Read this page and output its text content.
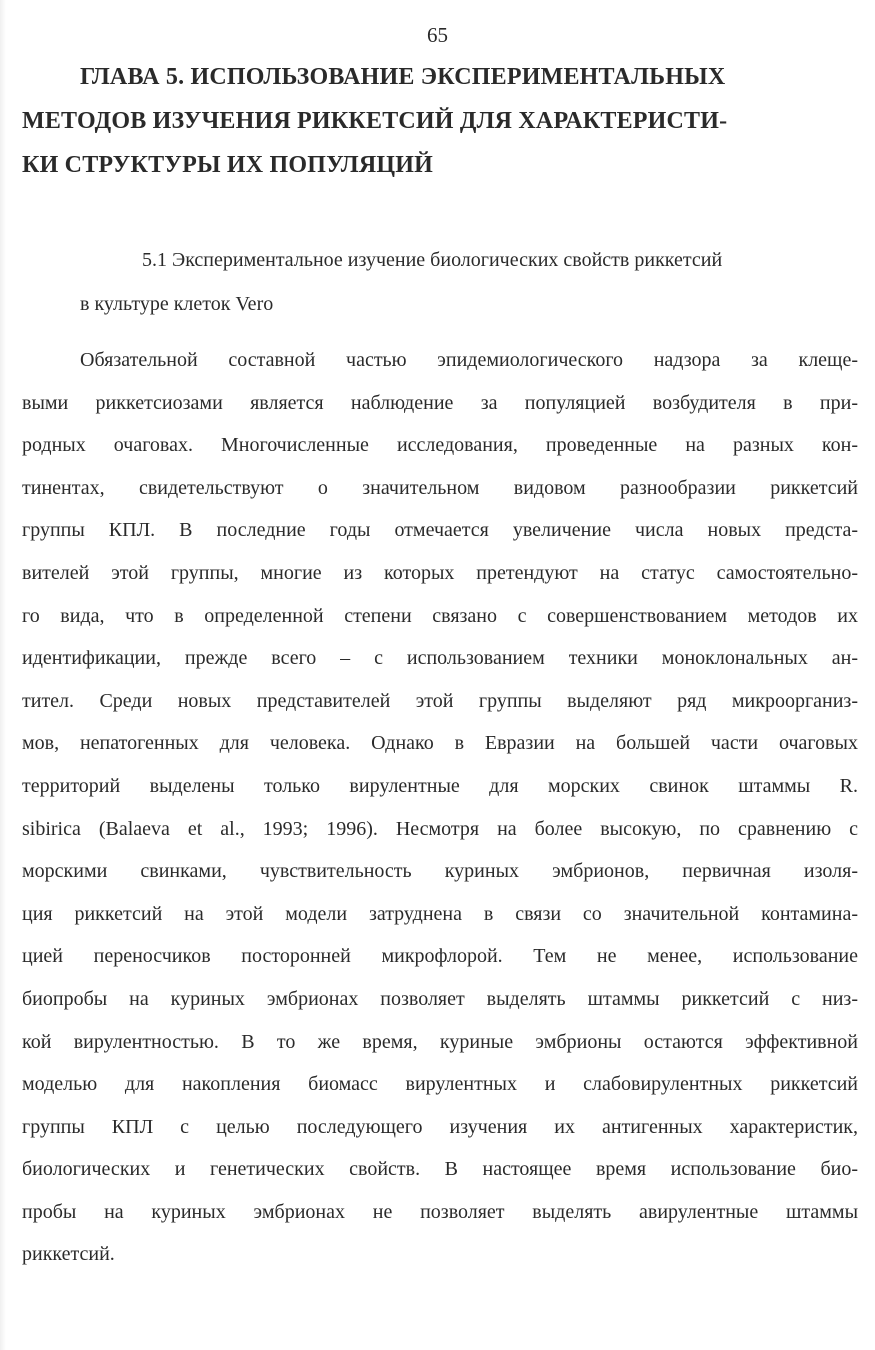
65
ГЛАВА 5. ИСПОЛЬЗОВАНИЕ ЭКСПЕРИМЕНТАЛЬНЫХ
МЕТОДОВ ИЗУЧЕНИЯ РИККЕТСИЙ ДЛЯ ХАРАКТЕРИСТИ-
КИ СТРУКТУРЫ ИХ ПОПУЛЯЦИЙ
5.1 Экспериментальное изучение биологических свойств риккетсий
в культуре клеток Vero
Обязательной составной частью эпидемиологического надзора за клеще-
выми риккетсиозами является наблюдение за популяцией возбудителя в при-
родных очаговах. Многочисленные исследования, проведенные на разных кон-
тинентах, свидетельствуют о значительном видовом разнообразии риккетсий
группы КПЛ. В последние годы отмечается увеличение числа новых предста-
вителей этой группы, многие из которых претендуют на статус самостоятельно-
го вида, что в определенной степени связано с совершенствованием методов их
идентификации, прежде всего – с использованием техники моноклональных ан-
тител. Среди новых представителей этой группы выделяют ряд микроорганиз-
мов, непатогенных для человека. Однако в Евразии на большей части очаговых
территорий выделены только вирулентные для морских свинок штаммы R.
sibirica (Balaeva et al., 1993; 1996). Несмотря на более высокую, по сравнению с
морскими свинками, чувствительность куриных эмбрионов, первичная изоля-
ция риккетсий на этой модели затруднена в связи со значительной контамина-
цией переносчиков посторонней микрофлорой. Тем не менее, использование
биопробы на куриных эмбрионах позволяет выделять штаммы риккетсий с низ-
кой вирулентностью. В то же время, куриные эмбрионы остаются эффективной
моделью для накопления биомасс вирулентных и слабовирулентных риккетсий
группы КПЛ с целью последующего изучения их антигенных характеристик,
биологических и генетических свойств. В настоящее время использование био-
пробы на куриных эмбрионах не позволяет выделять авирулентные штаммы
риккетсий.
